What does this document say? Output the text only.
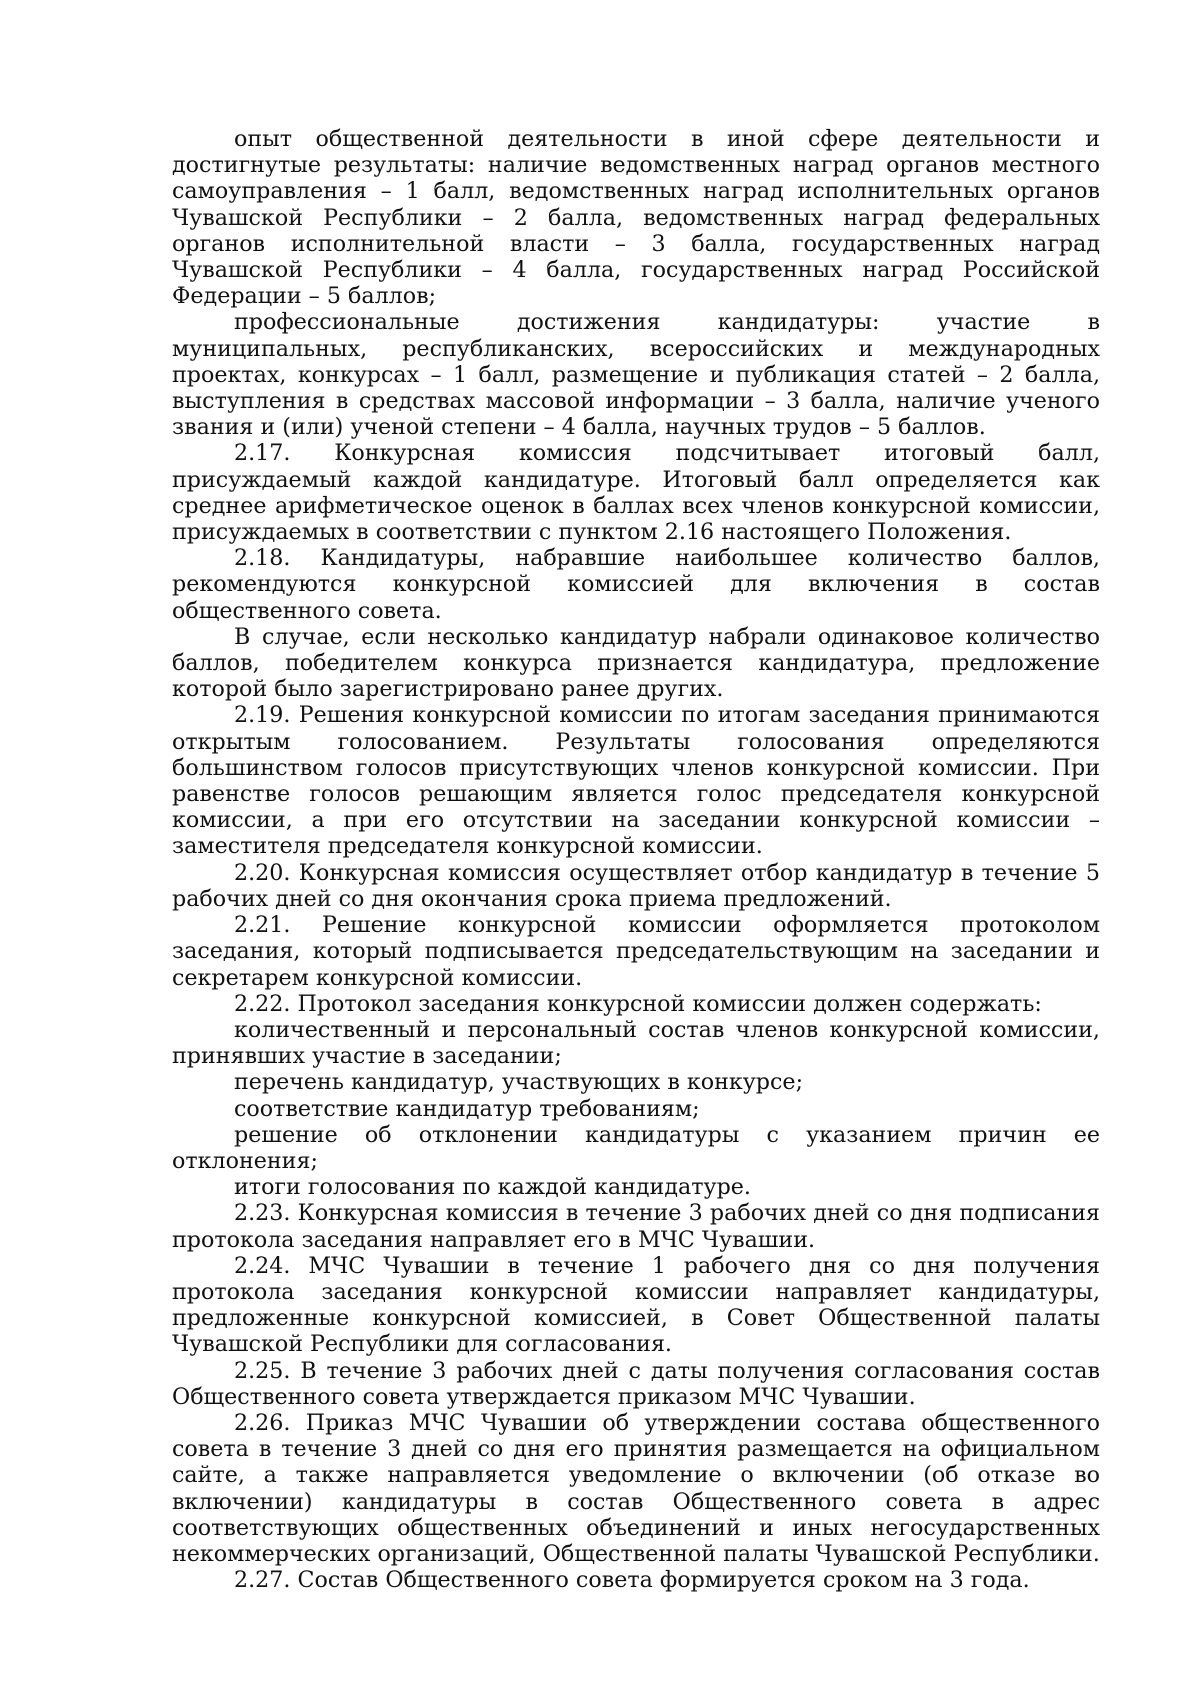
опыт общественной деятельности в иной сфере деятельности и достигнутые результаты: наличие ведомственных наград органов местного самоуправления – 1 балл, ведомственных наград исполнительных органов Чувашской Республики – 2 балла, ведомственных наград федеральных органов исполнительной власти – 3 балла, государственных наград Чувашской Республики – 4 балла, государственных наград Российской Федерации – 5 баллов;

профессиональные достижения кандидатуры: участие в муниципальных, республиканских, всероссийских и международных проектах, конкурсах – 1 балл, размещение и публикация статей – 2 балла, выступления в средствах массовой информации – 3 балла, наличие ученого звания и (или) ученой степени – 4 балла, научных трудов – 5 баллов.

2.17. Конкурсная комиссия подсчитывает итоговый балл, присуждаемый каждой кандидатуре. Итоговый балл определяется как среднее арифметическое оценок в баллах всех членов конкурсной комиссии, присуждаемых в соответствии с пунктом 2.16 настоящего Положения.

2.18. Кандидатуры, набравшие наибольшее количество баллов, рекомендуются конкурсной комиссией для включения в состав общественного совета.

В случае, если несколько кандидатур набрали одинаковое количество баллов, победителем конкурса признается кандидатура, предложение которой было зарегистрировано ранее других.

2.19. Решения конкурсной комиссии по итогам заседания принимаются открытым голосованием. Результаты голосования определяются большинством голосов присутствующих членов конкурсной комиссии. При равенстве голосов решающим является голос председателя конкурсной комиссии, а при его отсутствии на заседании конкурсной комиссии – заместителя председателя конкурсной комиссии.

2.20. Конкурсная комиссия осуществляет отбор кандидатур в течение 5 рабочих дней со дня окончания срока приема предложений.

2.21. Решение конкурсной комиссии оформляется протоколом заседания, который подписывается председательствующим на заседании и секретарем конкурсной комиссии.

2.22. Протокол заседания конкурсной комиссии должен содержать:

количественный и персональный состав членов конкурсной комиссии, принявших участие в заседании;

перечень кандидатур, участвующих в конкурсе;

соответствие кандидатур требованиям;

решение об отклонении кандидатуры с указанием причин ее отклонения;

итоги голосования по каждой кандидатуре.

2.23. Конкурсная комиссия в течение 3 рабочих дней со дня подписания протокола заседания направляет его в МЧС Чувашии.

2.24. МЧС Чувашии в течение 1 рабочего дня со дня получения протокола заседания конкурсной комиссии направляет кандидатуры, предложенные конкурсной комиссией, в Совет Общественной палаты Чувашской Республики для согласования.

2.25. В течение 3 рабочих дней с даты получения согласования состав Общественного совета утверждается приказом МЧС Чувашии.

2.26. Приказ МЧС Чувашии об утверждении состава общественного совета в течение 3 дней со дня его принятия размещается на официальном сайте, а также направляется уведомление о включении (об отказе во включении) кандидатуры в состав Общественного совета в адрес соответствующих общественных объединений и иных негосударственных некоммерческих организаций, Общественной палаты Чувашской Республики.

2.27. Состав Общественного совета формируется сроком на 3 года.
